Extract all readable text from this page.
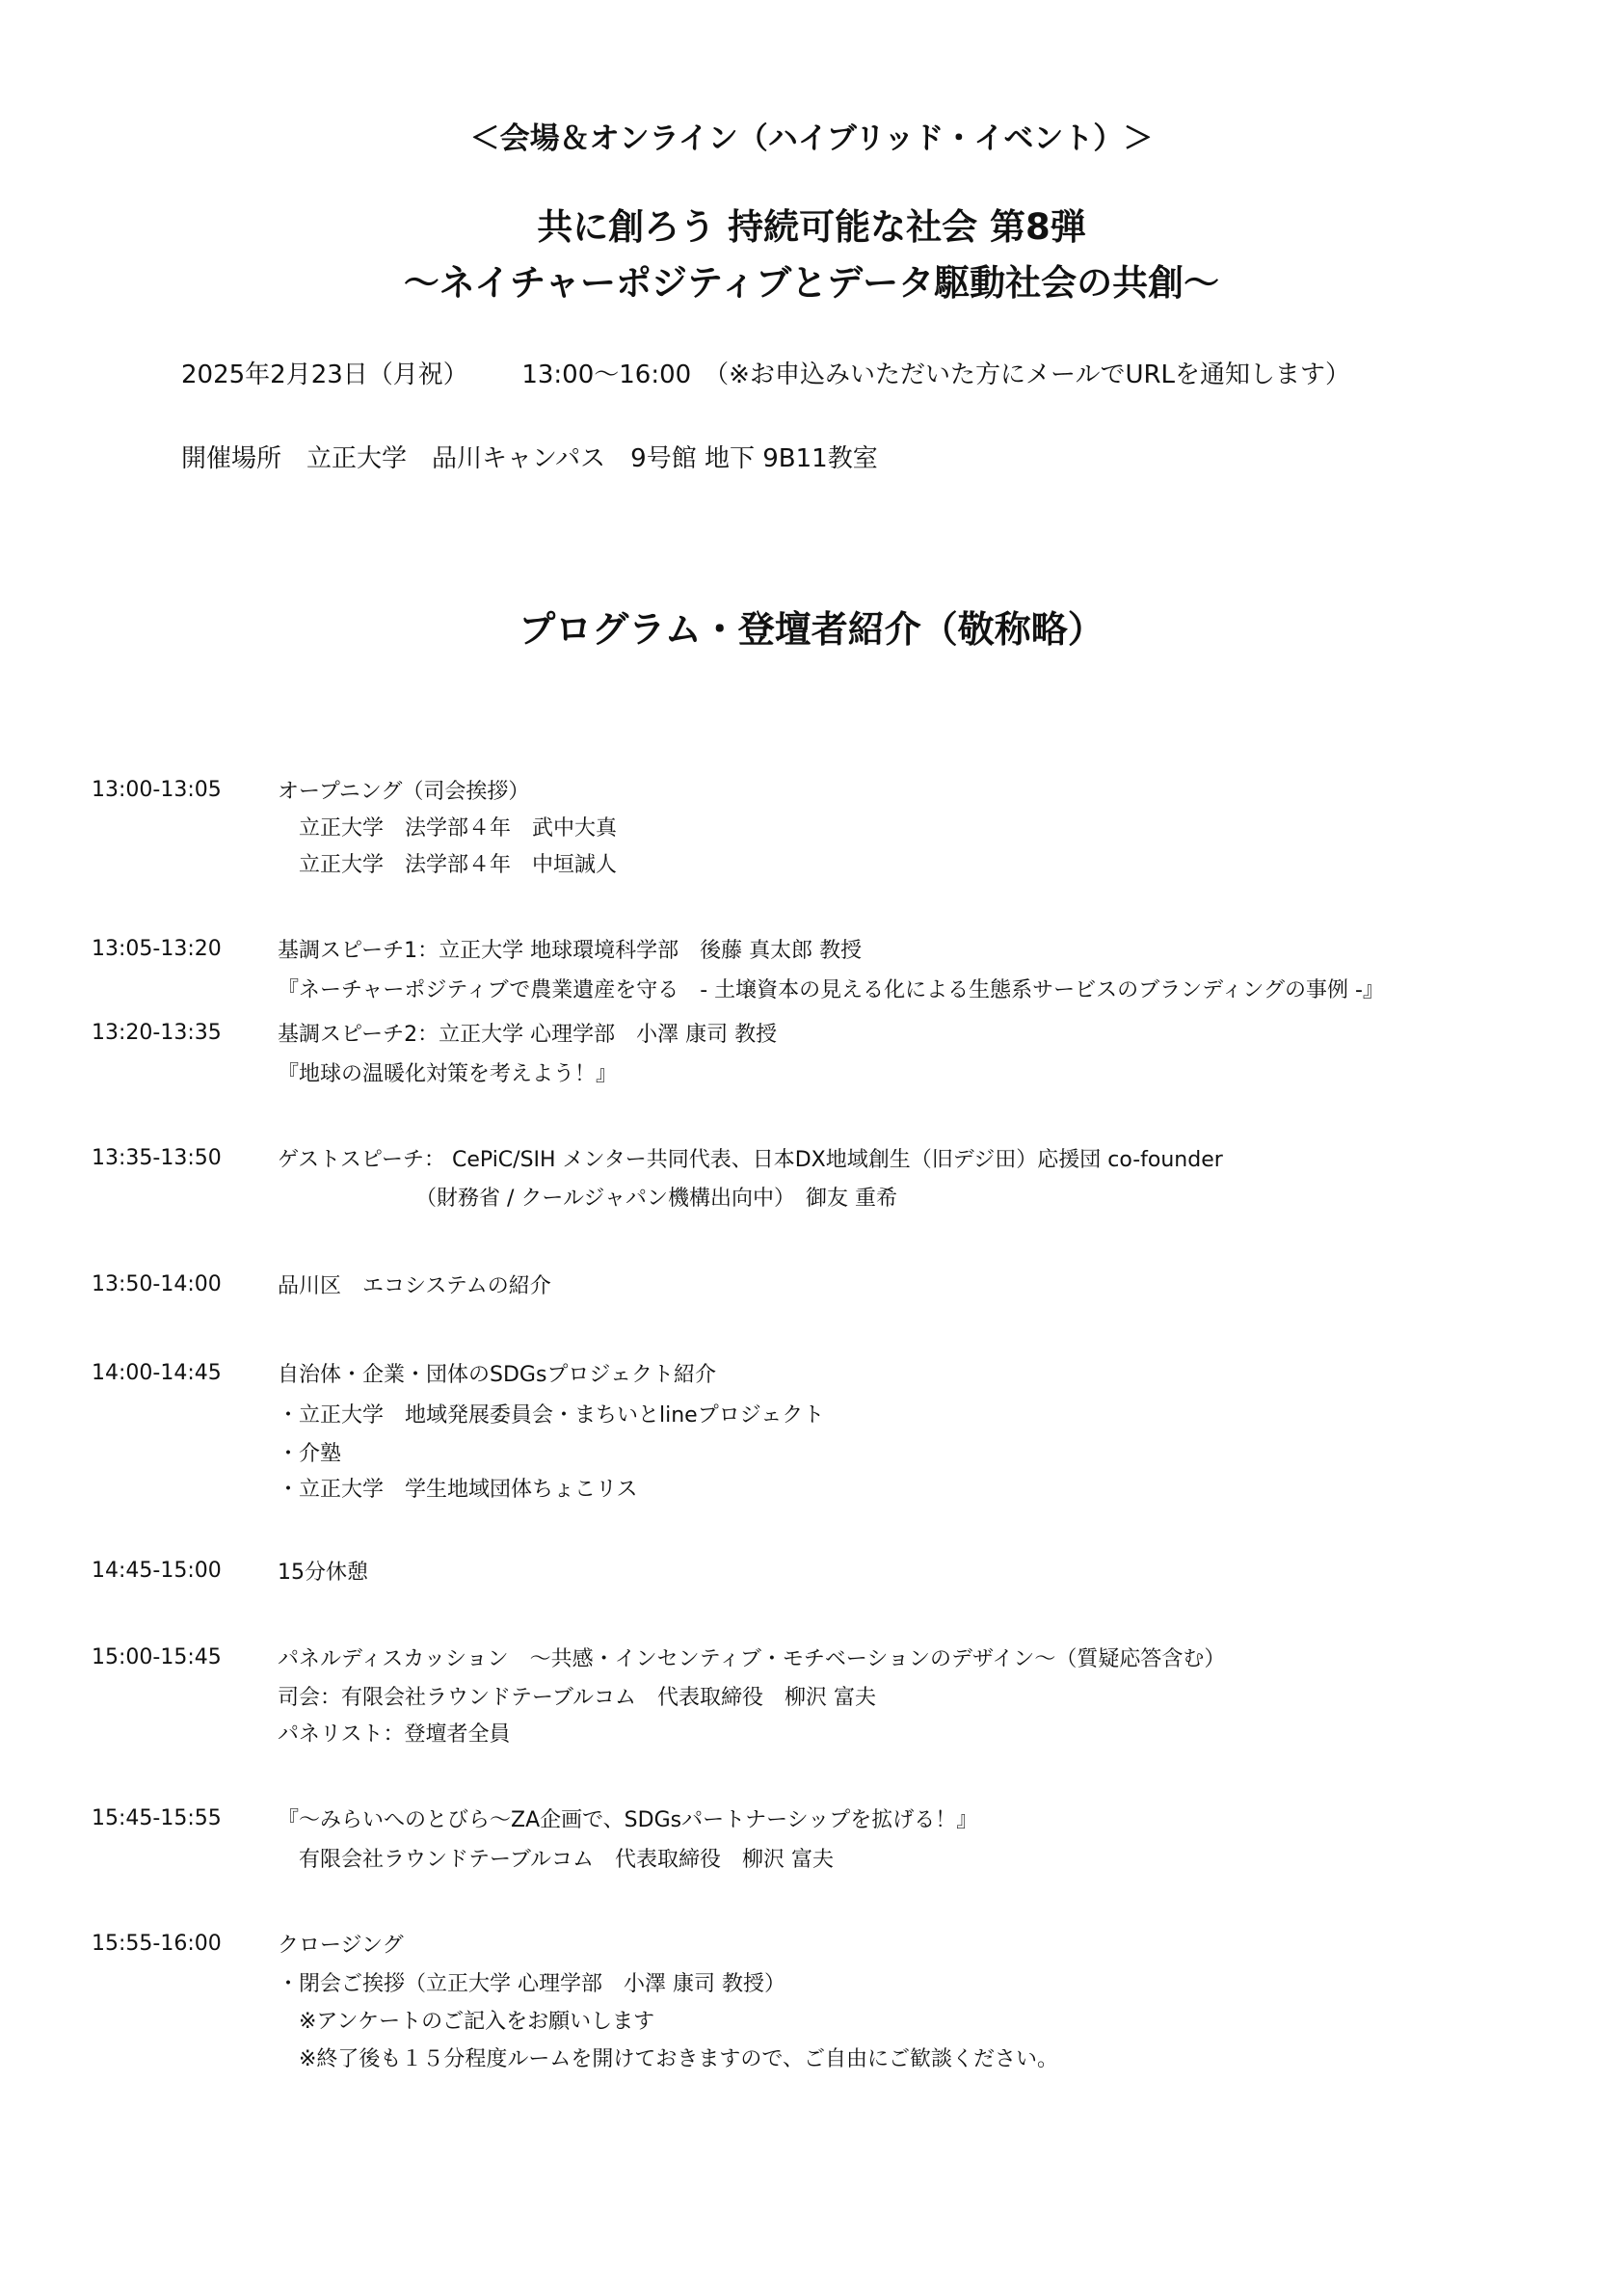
＜会場＆オンライン（ハイブリッド・イベント）＞
共に創ろう 持続可能な社会 第8弾
〜ネイチャーポジティブとデータ駆動社会の共創〜
2025年2月23日（月祝）　　  13:00〜16:00　（※お申込みいただいた方にメールでURLを通知します）
開催場所　立正大学　品川キャンパス　9号館 地下 9B11教室
プログラム・登壇者紹介（敬称略）
13:00-13:05	オープニング（司会挨拶）
　立正大学　法学部４年　武中大真
　立正大学　法学部４年　中垣誠人
13:05-13:20	基調スピーチ1：立正大学 地球環境科学部　後藤 真太郎 教授
『ネーチャーポジティブで農業遺産を守る　- 土壌資本の見える化による生態系サービスのブランディングの事例 -』
13:20-13:35	基調スピーチ2：立正大学 心理学部　小澤 康司 教授
『地球の温暖化対策を考えよう！』
13:35-13:50	ゲストスピーチ： CePiC/SIH メンター共同代表、日本DX地域創生（旧デジ田）応援団 co-founder
　　　　　　　（財務省 / クールジャパン機構出向中）　御友 重希
13:50-14:00	品川区　エコシステムの紹介
14:00-14:45	自治体・企業・団体のSDGsプロジェクト紹介
・立正大学　地域発展委員会・まちいとlineプロジェクト
・介塾
・立正大学　学生地域団体ちょこリス
14:45-15:00	15分休憩
15:00-15:45	パネルディスカッション　〜共感・インセンティブ・モチベーションのデザイン〜（質疑応答含む）
司会：有限会社ラウンドテーブルコム　代表取締役　柳沢 富夫
パネリスト：登壇者全員
15:45-15:55	『〜みらいへのとびら〜ZA企画で、SDGsパートナーシップを拡げる！』
　有限会社ラウンドテーブルコム　代表取締役　柳沢 富夫
15:55-16:00	クロージング
・閉会ご挨拶（立正大学 心理学部　小澤 康司 教授）
　※アンケートのご記入をお願いします
　※終了後も１５分程度ルームを開けておきますので、ご自由にご歓談ください。
